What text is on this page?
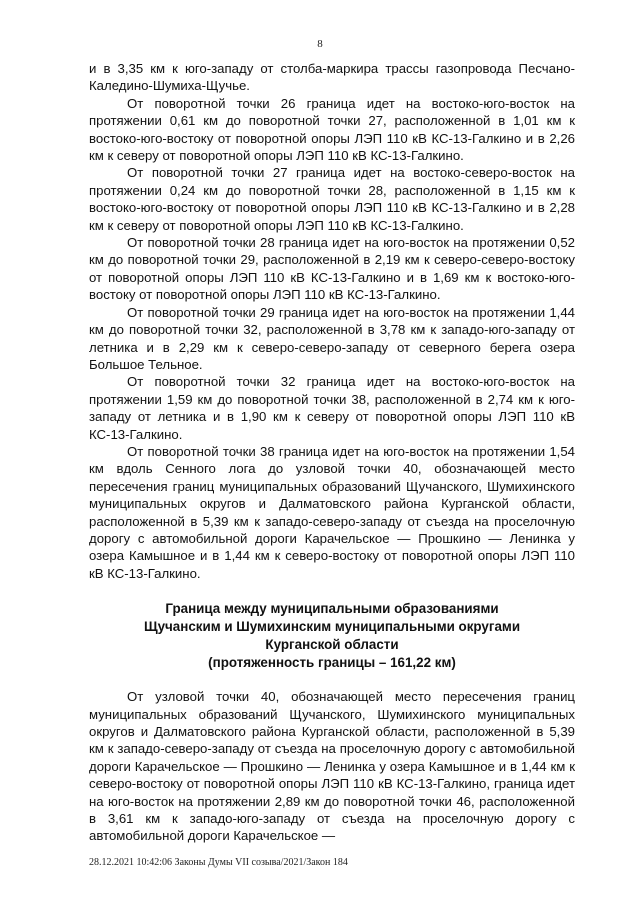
8

и в 3,35 км к юго-западу от столба-маркира трассы газопровода Песчано-Каледино-Шумиха-Щучье.

От поворотной точки 26 граница идет на востоко-юго-восток на протяжении 0,61 км до поворотной точки 27, расположенной в 1,01 км к востоко-юго-востоку от поворотной опоры ЛЭП 110 кВ КС-13-Галкино и в 2,26 км к северу от поворотной опоры ЛЭП 110 кВ КС-13-Галкино.

От поворотной точки 27 граница идет на востоко-северо-восток на протяжении 0,24 км до поворотной точки 28, расположенной в 1,15 км к востоко-юго-востоку от поворотной опоры ЛЭП 110 кВ КС-13-Галкино и в 2,28 км к северу от поворотной опоры ЛЭП 110 кВ КС-13-Галкино.

От поворотной точки 28 граница идет на юго-восток на протяжении 0,52 км до поворотной точки 29, расположенной в 2,19 км к северо-северо-востоку от поворотной опоры ЛЭП 110 кВ КС-13-Галкино и в 1,69 км к востоко-юго-востоку от поворотной опоры ЛЭП 110 кВ КС-13-Галкино.

От поворотной точки 29 граница идет на юго-восток на протяжении 1,44 км до поворотной точки 32, расположенной в 3,78 км к западо-юго-западу от летника и в 2,29 км к северо-северо-западу от северного берега озера Большое Тельное.

От поворотной точки 32 граница идет на востоко-юго-восток на протяжении 1,59 км до поворотной точки 38, расположенной в 2,74 км к юго-западу от летника и в 1,90 км к северу от поворотной опоры ЛЭП 110 кВ КС-13-Галкино.

От поворотной точки 38 граница идет на юго-восток на протяжении 1,54 км вдоль Сенного лога до узловой точки 40, обозначающей место пересечения границ муниципальных образований Щучанского, Шумихинского муниципальных округов и Далматовского района Курганской области, расположенной в 5,39 км к западо-северо-западу от съезда на проселочную дорогу с автомобильной дороги Карачельское — Прошкино — Ленинка у озера Камышное и в 1,44 км к северо-востоку от поворотной опоры ЛЭП 110 кВ КС-13-Галкино.

Граница между муниципальными образованиями
Щучанским и Шумихинским муниципальными округами
Курганской области
(протяженность границы – 161,22 км)

От узловой точки 40, обозначающей место пересечения границ муниципальных образований Щучанского, Шумихинского муниципальных округов и Далматовского района Курганской области, расположенной в 5,39 км к западо-северо-западу от съезда на проселочную дорогу с автомобильной дороги Карачельское — Прошкино — Ленинка у озера Камышное и в 1,44 км к северо-востоку от поворотной опоры ЛЭП 110 кВ КС-13-Галкино, граница идет на юго-восток на протяжении 2,89 км до поворотной точки 46, расположенной в 3,61 км к западо-юго-западу от съезда на проселочную дорогу с автомобильной дороги Карачельское —

28.12.2021 10:42:06 Законы Думы VII созыва/2021/Закон 184
